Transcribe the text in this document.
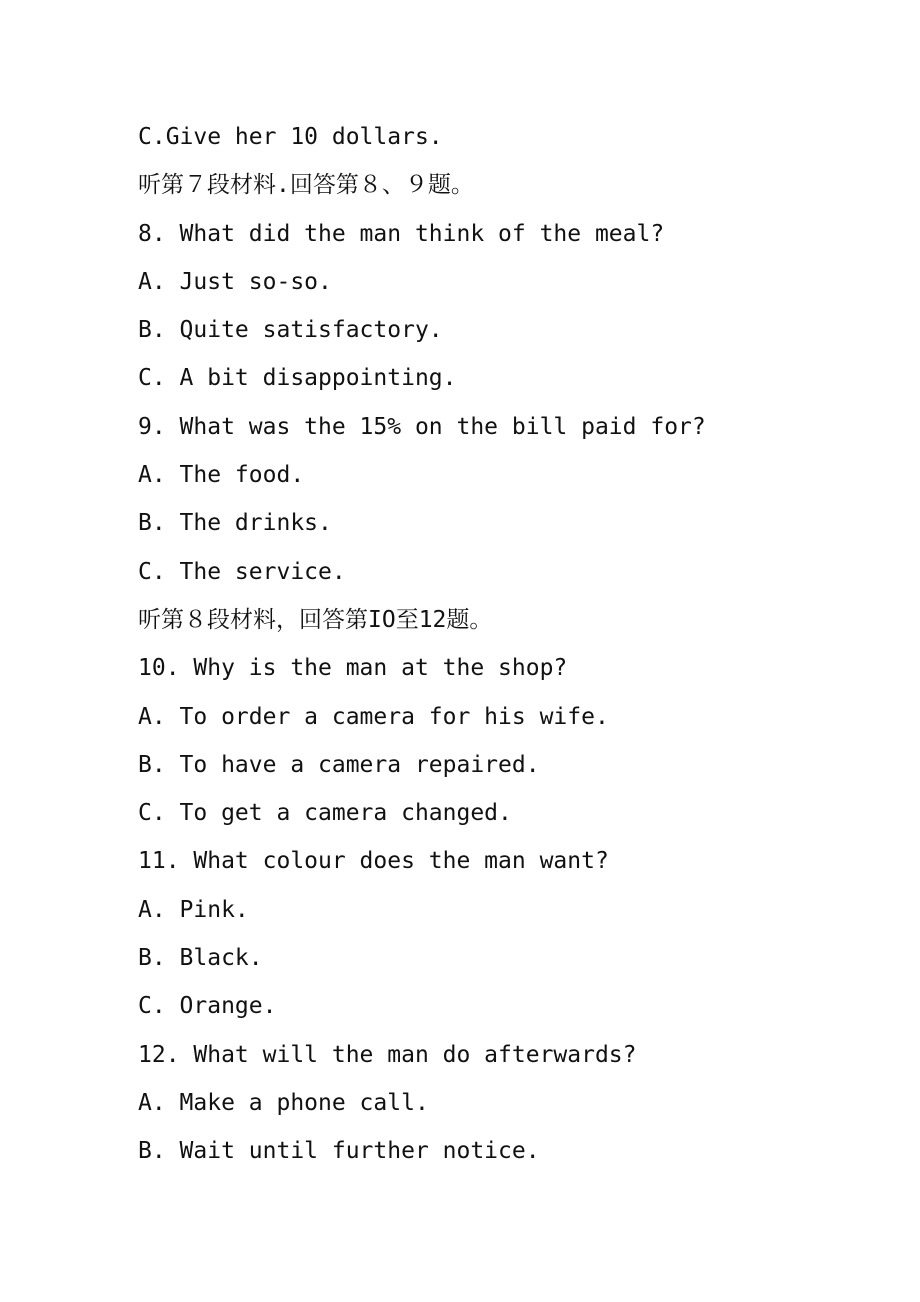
C.Give her 10 dollars.

听第７段材料.回答第８、９题。

8. What did the man think of the meal?

A. Just so-so.

B. Quite satisfactory.

C. A bit disappointing.

9. What was the 15% on the bill paid for?

A. The food.

B. The drinks.

C. The service.

听第８段材料，回答第IO至12题。

10. Why is the man at the shop?

A. To order a camera for his wife.

B. To have a camera repaired.

C. To get a camera changed.

11. What colour does the man want?

A. Pink.

B. Black.

C. Orange.

12. What will the man do afterwards?

A. Make a phone call.

B. Wait until further notice.
